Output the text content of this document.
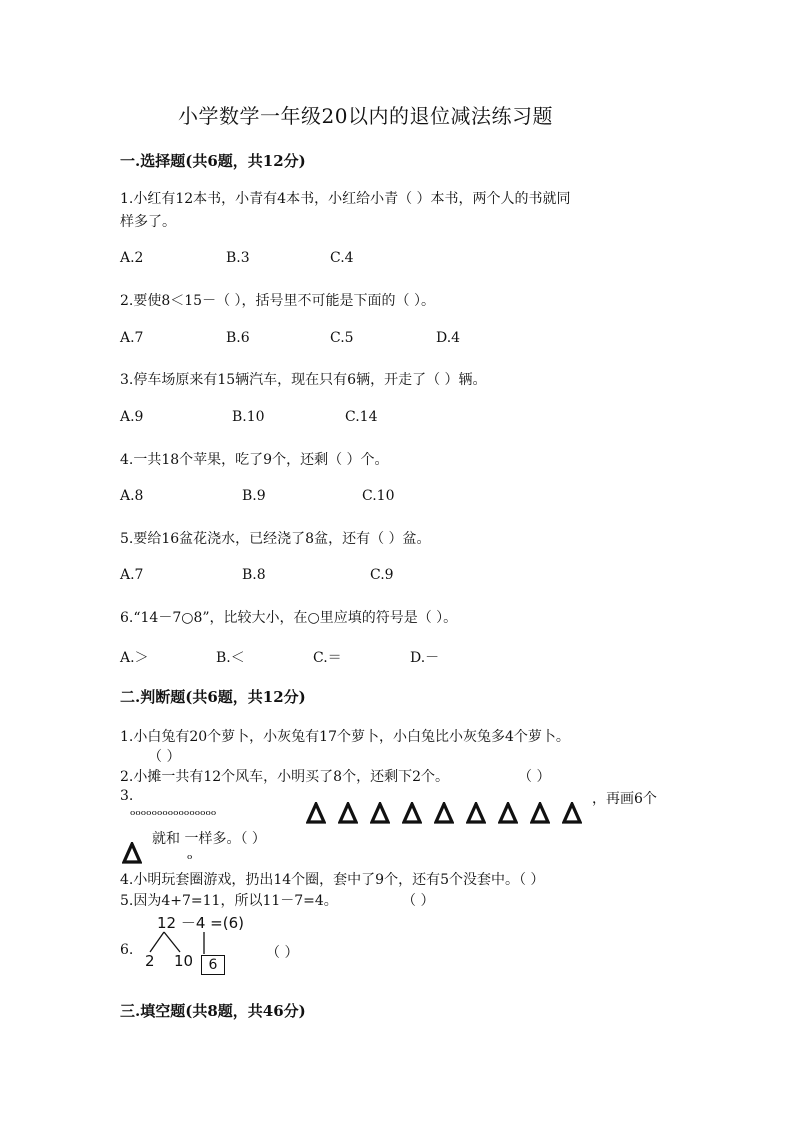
小学数学一年级20以内的退位减法练习题
一.选择题(共6题，共12分)
1.小红有12本书，小青有4本书，小红给小青（ ）本书，两个人的书就同
样多了。
A.2	B.3	C.4
2.要使8＜15－（ ），括号里不可能是下面的（ ）。
A.7	B.6	C.5	D.4
3.停车场原来有15辆汽车，现在只有6辆，开走了（ ）辆。
A.9	B.10	C.14
4.一共18个苹果，吃了9个，还剩（ ）个。
A.8	B.9	C.10
5.要给16盆花浇水，已经浇了8盆，还有（ ）盆。
A.7	B.8	C.9
6.“14－7○8”，比较大小，在○里应填的符号是（ ）。
A.＞	B.＜	C.＝	D.－
二.判断题(共6题，共12分)
1.小白兔有20个萝卜，小灰兔有17个萝卜，小白兔比小灰兔多4个萝卜。
（ ）
2.小摊一共有12个风车，小明买了8个，还剩下2个。	（ ）
3.
ₒₒₒₒₒₒₒₒₒₒₒₒₒₒₒₒ
，再画6个
就和 一样多。（ ）
ₒ
4.小明玩套圈游戏，扔出14个圈，套中了9个，还有5个没套中。（ ）
5.因为4+7=11，所以11－7=4。	（ ）
6.
12 －4 =(6)
2 10	6
（ ）
三.填空题(共8题，共46分)
